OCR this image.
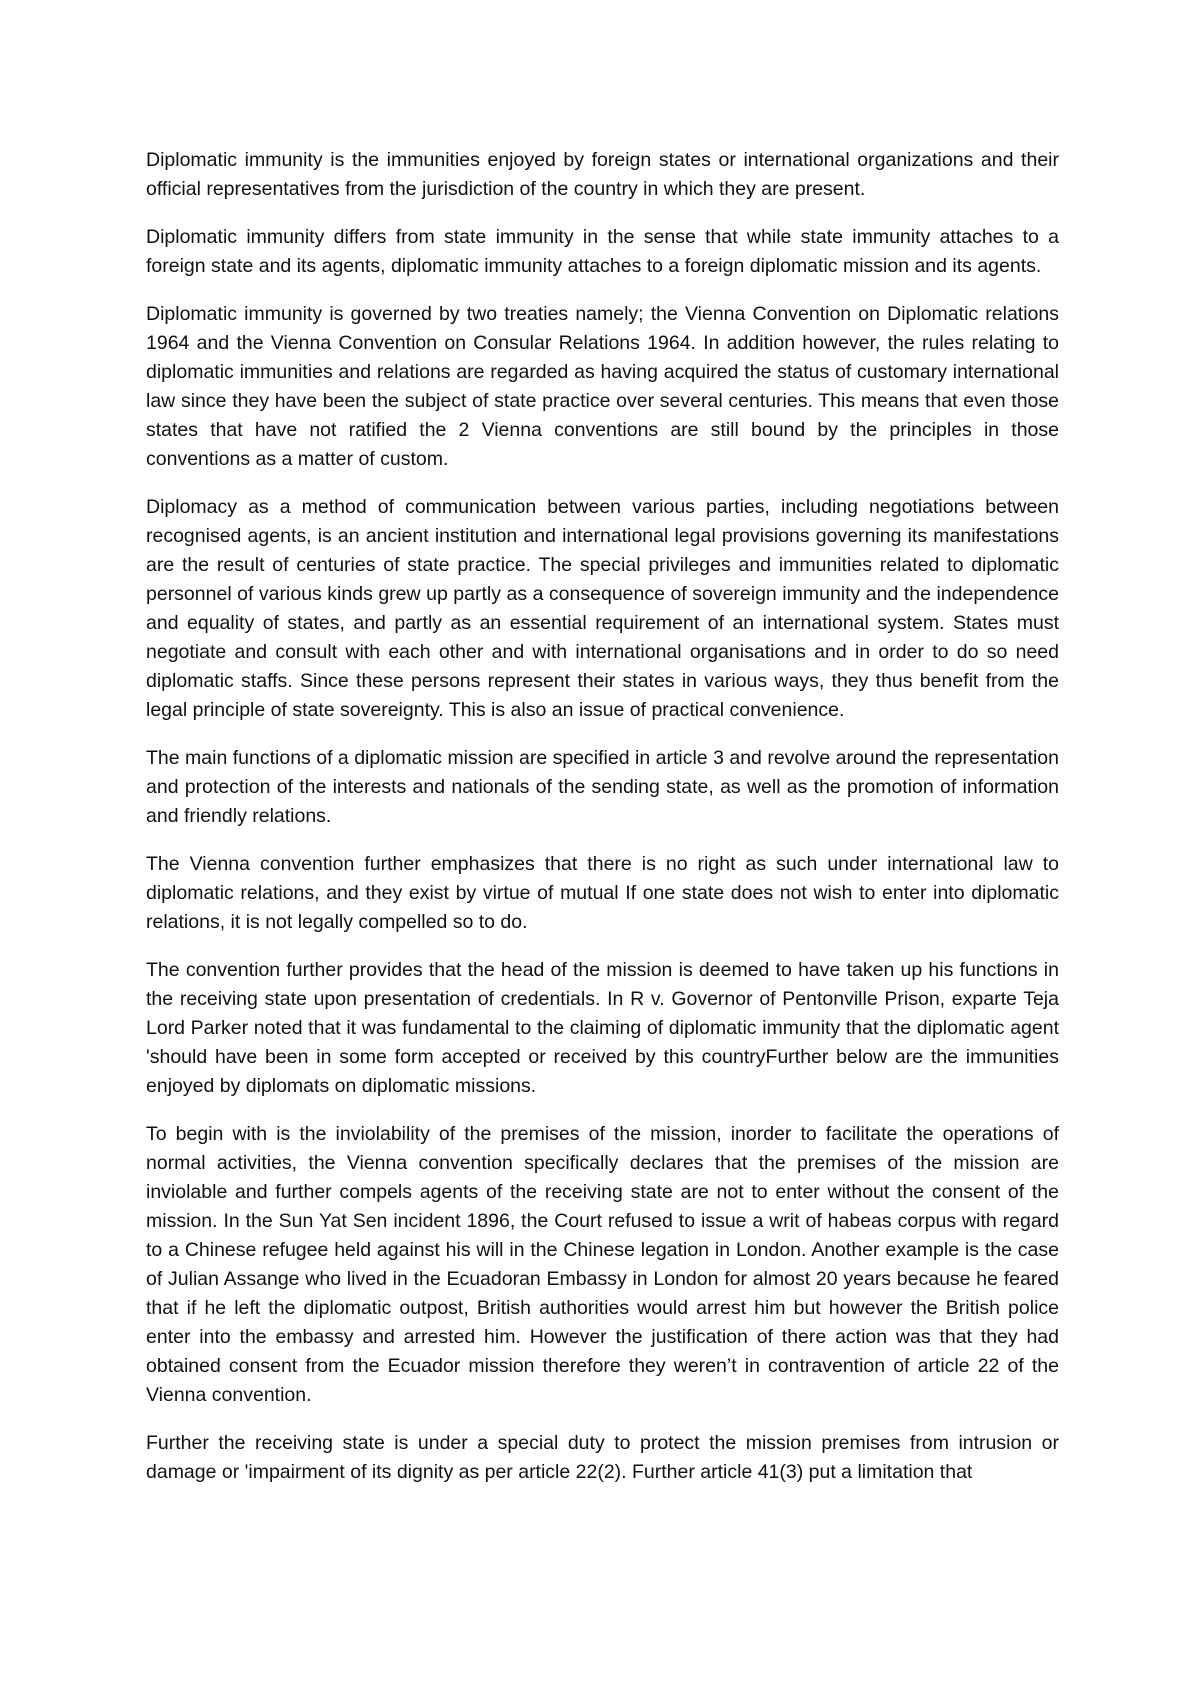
Diplomatic immunity is the immunities enjoyed by foreign states or international organizations and their official representatives from the jurisdiction of the country in which they are present.

Diplomatic immunity differs from state immunity in the sense that while state immunity attaches to a foreign state and its agents, diplomatic immunity attaches to a foreign diplomatic mission and its agents.

Diplomatic immunity is governed by two treaties namely; the Vienna Convention on Diplomatic relations 1964 and the Vienna Convention on Consular Relations 1964. In addition however, the rules relating to diplomatic immunities and relations are regarded as having acquired the status of customary international law since they have been the subject of state practice over several centuries. This means that even those states that have not ratified the 2 Vienna conventions are still bound by the principles in those conventions as a matter of custom.

Diplomacy as a method of communication between various parties, including negotiations between recognised agents, is an ancient institution and international legal provisions governing its manifestations are the result of centuries of state practice. The special privileges and immunities related to diplomatic personnel of various kinds grew up partly as a consequence of sovereign immunity and the independence and equality of states, and partly as an essential requirement of an international system. States must negotiate and consult with each other and with international organisations and in order to do so need diplomatic staffs. Since these persons represent their states in various ways, they thus benefit from the legal principle of state sovereignty. This is also an issue of practical convenience.

The main functions of a diplomatic mission are specified in article 3 and revolve around the representation and protection of the interests and nationals of the sending state, as well as the promotion of information and friendly relations.

The Vienna convention further emphasizes that there is no right as such under international law to diplomatic relations, and they exist by virtue of mutual If one state does not wish to enter into diplomatic relations, it is not legally compelled so to do.

The convention further provides that the head of the mission is deemed to have taken up his functions in the receiving state upon presentation of credentials. In R v. Governor of Pentonville Prison, exparte Teja Lord Parker noted that it was fundamental to the claiming of diplomatic immunity that the diplomatic agent 'should have been in some form accepted or received by this countryFurther below are the immunities enjoyed by diplomats on diplomatic missions.

To begin with is the inviolability of the premises of the mission, inorder to facilitate the operations of normal activities, the Vienna convention specifically declares that the premises of the mission are inviolable and further compels agents of the receiving state are not to enter without the consent of the mission. In the Sun Yat Sen incident 1896, the Court refused to issue a writ of habeas corpus with regard to a Chinese refugee held against his will in the Chinese legation in London. Another example is the case of Julian Assange who lived in the Ecuadoran Embassy in London for almost 20 years because he feared that if he left the diplomatic outpost, British authorities would arrest him but however the British police enter into the embassy and arrested him. However the justification of there action was that they had obtained consent from the Ecuador mission therefore they weren’t in contravention of article 22 of the Vienna convention.

Further the receiving state is under a special duty to protect the mission premises from intrusion or damage or 'impairment of its dignity as per article 22(2). Further article 41(3) put a limitation that
